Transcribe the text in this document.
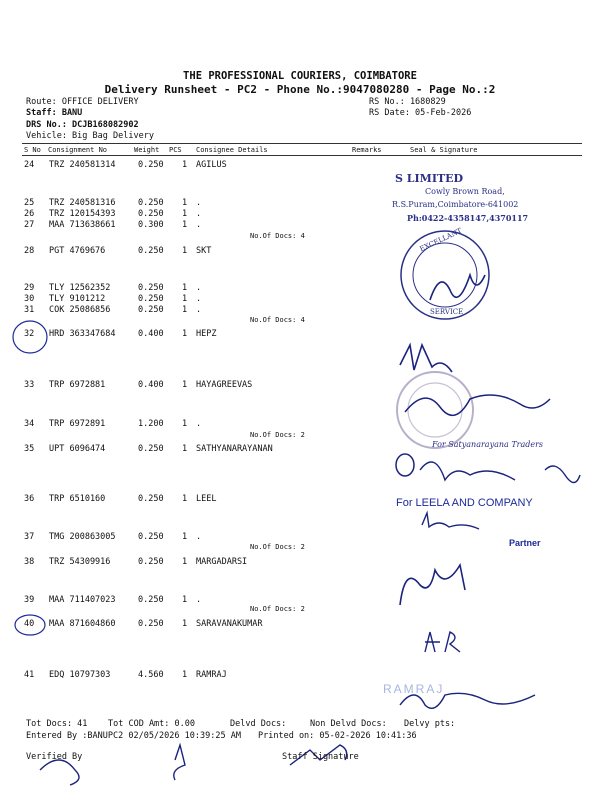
THE PROFESSIONAL COURIERS, COIMBATORE
Delivery Runsheet - PC2 - Phone No.:9047080280 - Page No.:2
Route: OFFICE DELIVERY
Staff: BANU
DRS No.: DCJB168082902
Vehicle: Big Bag Delivery
RS No.: 1680829
RS Date: 05-Feb-2026
S No Consignment No	Weight PCS Consignee Details	Remarks	Seal & Signature
24 TRZ 240581314	0.250 1 AGILUS
25 TRZ 240581316	0.250 1 .
26 TRZ 120154393	0.250 1 .
27 MAA 713638661	0.300 1 .
No.Of Docs: 4
28 PGT 4769676	0.250 1 SKT
29 TLY 12562352	0.250 1 .
30 TLY 9101212	0.250 1 .
31 COK 25086856	0.250 1 .
No.Of Docs: 4
32 HRD 363347684	0.400 1 HEPZ
33 TRP 6972881	0.400 1 HAYAGREEVAS
34 TRP 6972891	1.200 1 .
No.Of Docs: 2
35 UPT 6096474	0.250 1 SATHYANARAYANAN
36 TRP 6510160	0.250 1 LEEL
37 TMG 200863005	0.250 1 .
No.Of Docs: 2
38 TRZ 54309916	0.250 1 MARGADARSI
39 MAA 711407023	0.250 1 .
No.Of Docs: 2
40 MAA 871604860	0.250 1 SARAVANAKUMAR
41 EDQ 10797303	4.560 1 RAMRAJ
S LIMITED
Cowly Brown Road,
R.S.Puram,Coimbatore-641002
Ph:0422-4358147,4370117
EXCELLANT
SERVICE
For Satyanarayana Traders
For LEELA AND COMPANY
Partner
RAMRAJ
Tot Docs: 41 Tot COD Amt: 0.00	Delvd Docs:	Non Delvd Docs: Delvy pts:
Entered By :BANUPC2 02/05/2026 10:39:25 AM Printed on: 05-02-2026 10:41:36
Verified By	Staff Signature
